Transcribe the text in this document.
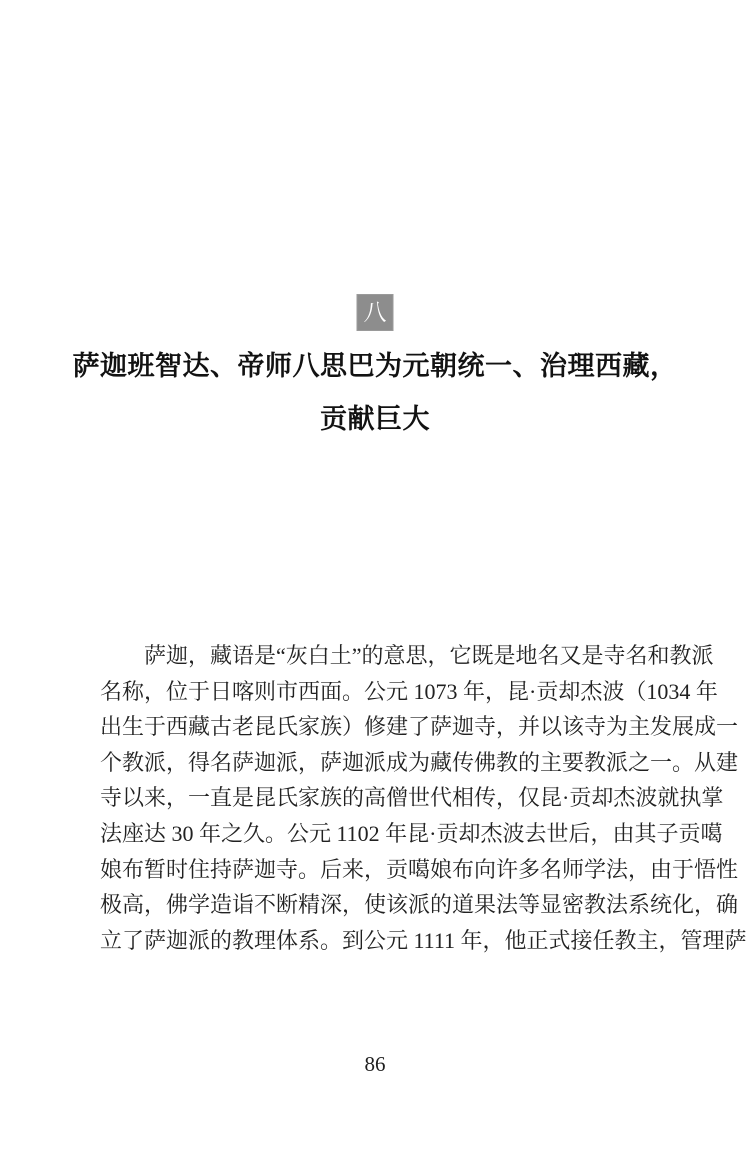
八
萨迦班智达、帝师八思巴为元朝统一、治理西藏，
贡献巨大
萨迦，藏语是“灰白土”的意思，它既是地名又是寺名和教派
名称，位于日喀则市西面。公元 1073 年，昆·贡却杰波（1034 年
出生于西藏古老昆氏家族）修建了萨迦寺，并以该寺为主发展成一
个教派，得名萨迦派，萨迦派成为藏传佛教的主要教派之一。从建
寺以来，一直是昆氏家族的高僧世代相传，仅昆·贡却杰波就执掌
法座达 30 年之久。公元 1102 年昆·贡却杰波去世后，由其子贡噶
娘布暂时住持萨迦寺。后来，贡噶娘布向许多名师学法，由于悟性
极高，佛学造诣不断精深，使该派的道果法等显密教法系统化，确
立了萨迦派的教理体系。到公元 1111 年，他正式接任教主，管理萨
86
